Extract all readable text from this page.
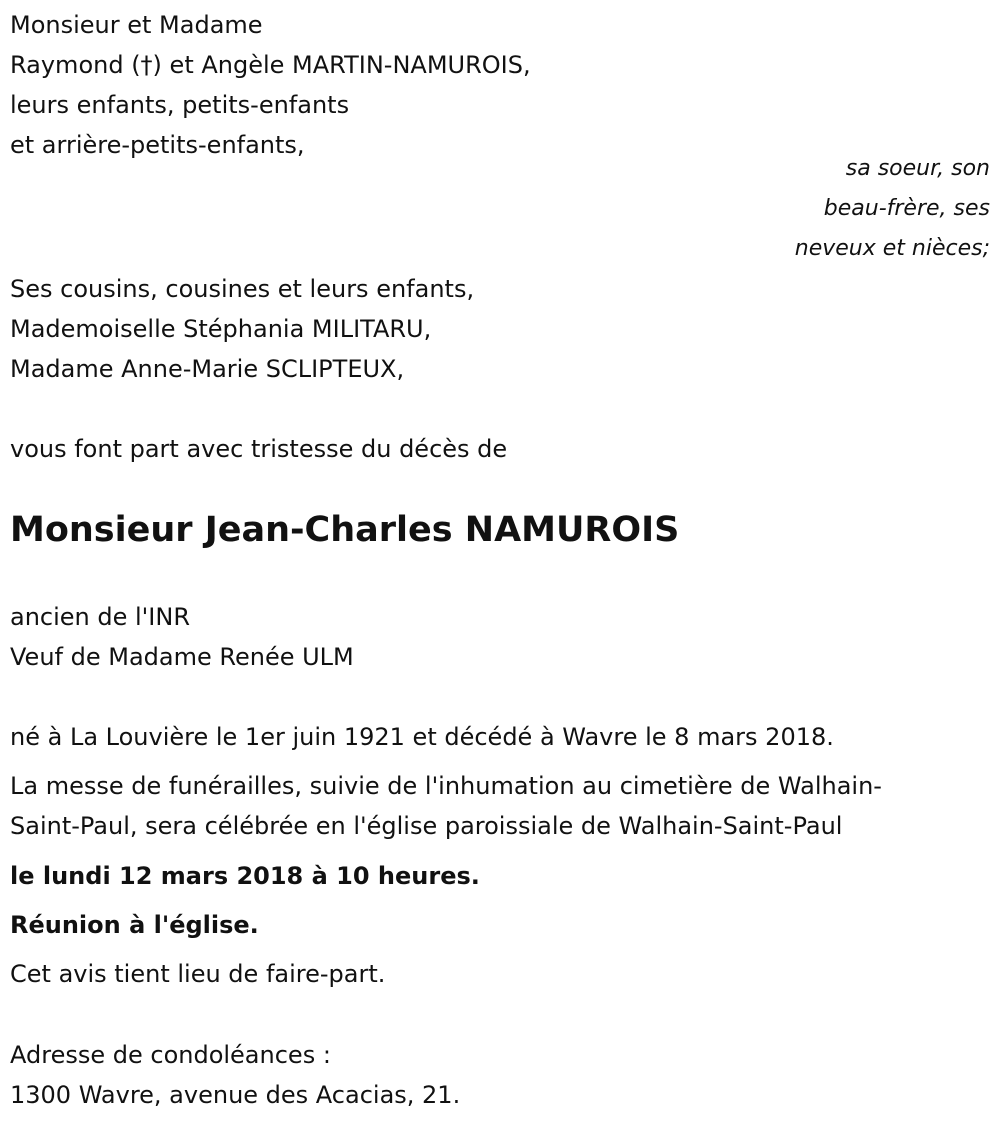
Monsieur et Madame

Raymond (†) et Angèle MARTIN-NAMUROIS,

leurs enfants, petits-enfants

et arrière-petits-enfants,

sa soeur, son

beau-frère, ses

neveux et nièces;

Ses cousins, cousines et leurs enfants,

Mademoiselle Stéphania MILITARU,

Madame Anne-Marie SCLIPTEUX,

vous font part avec tristesse du décès de

Monsieur Jean-Charles NAMUROIS

ancien de l'INR

Veuf de Madame Renée ULM

né à La Louvière le 1er juin 1921 et décédé à Wavre le 8 mars 2018.

La messe de funérailles, suivie de l'inhumation au cimetière de Walhain-

Saint-Paul, sera célébrée en l'église paroissiale de Walhain-Saint-Paul

le lundi 12 mars 2018 à 10 heures.

Réunion à l'église.

Cet avis tient lieu de faire-part.

Adresse de condoléances :

1300 Wavre, avenue des Acacias, 21.
